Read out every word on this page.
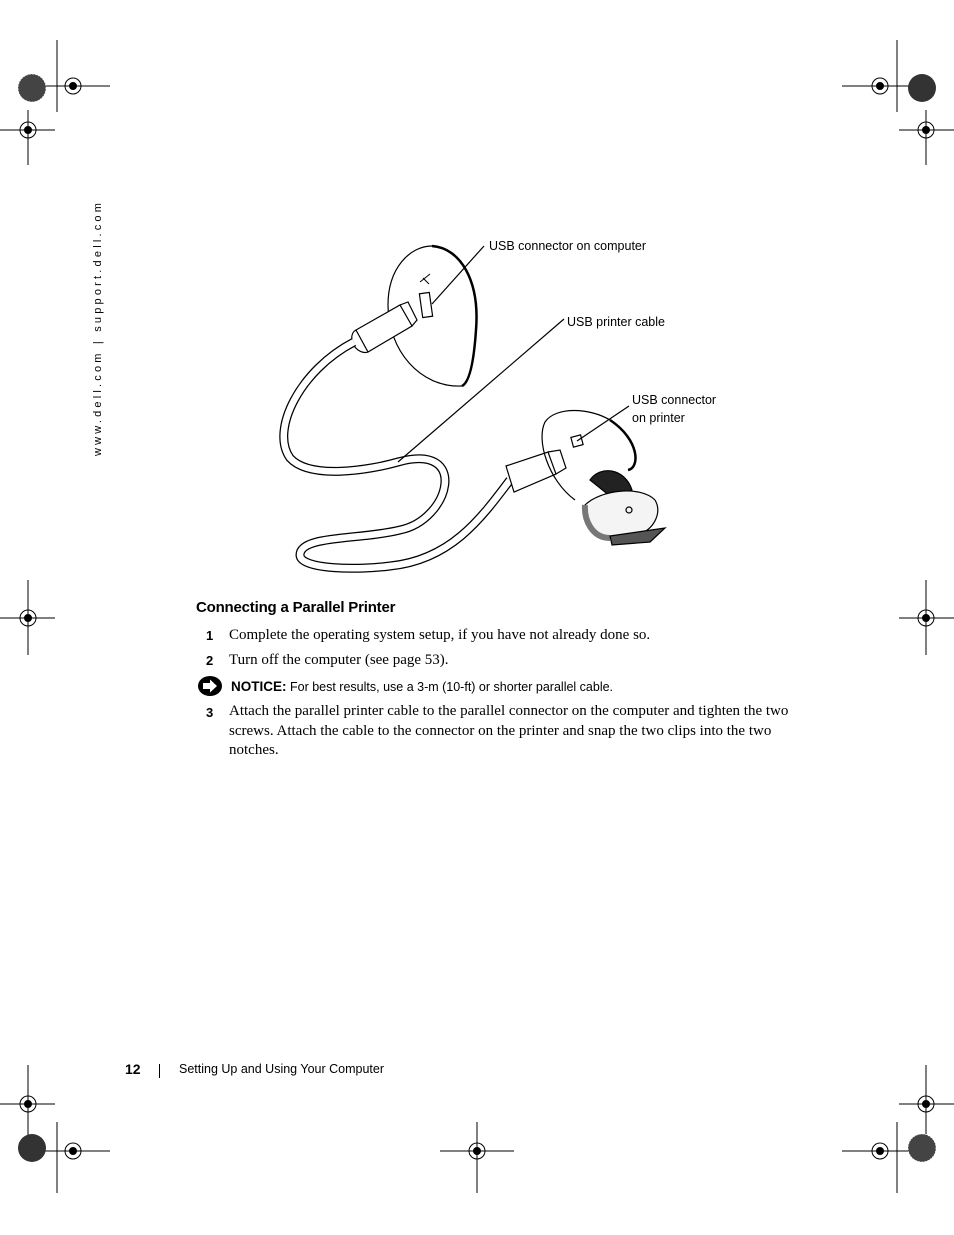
www.dell.com | support.dell.com	USB connector on computer
USB printer cable
USB connector
on printer
Connecting a Parallel Printer
1 Complete the operating system setup, if you have not already done so.
2 Turn off the computer (see page 53).
NOTICE: For best results, use a 3-m (10-ft) or shorter parallel cable.
3 Attach the parallel printer cable to the parallel connector on the computer and tighten the two screws. Attach the cable to the connector on the printer and snap the two clips into the two notches.
12	Setting Up and Using Your Computer
